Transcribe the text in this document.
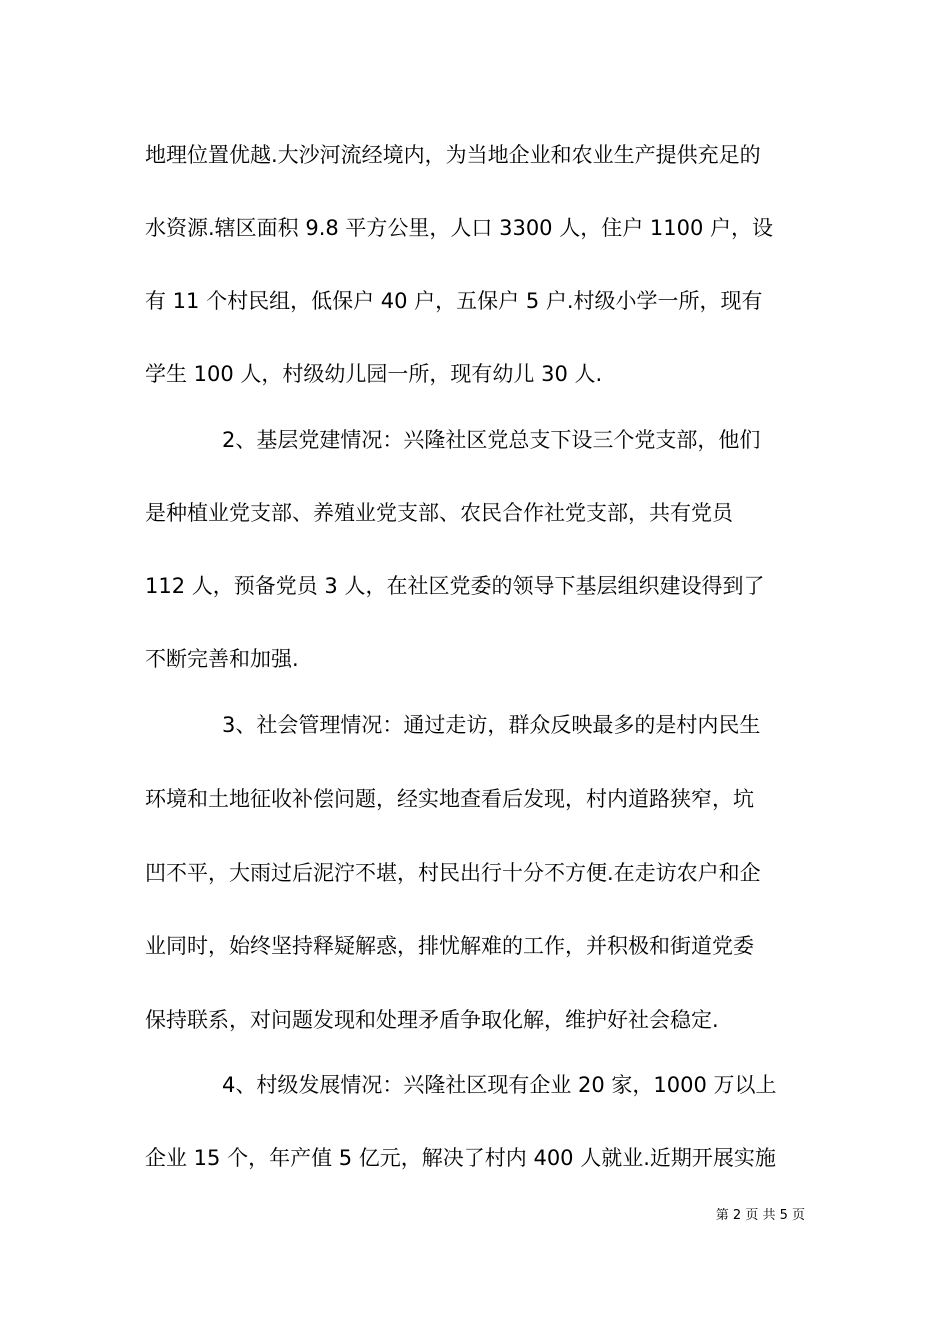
地理位置优越.大沙河流经境内，为当地企业和农业生产提供充足的
水资源.辖区面积 9.8 平方公里，人口 3300 人，住户 1100 户，设
有 11 个村民组，低保户 40 户，五保户 5 户.村级小学一所，现有
学生 100 人，村级幼儿园一所，现有幼儿 30 人.
2、基层党建情况：兴隆社区党总支下设三个党支部，他们
是种植业党支部、养殖业党支部、农民合作社党支部，共有党员
112 人，预备党员 3 人，在社区党委的领导下基层组织建设得到了
不断完善和加强.
3、社会管理情况：通过走访，群众反映最多的是村内民生
环境和土地征收补偿问题，经实地查看后发现，村内道路狭窄，坑
凹不平，大雨过后泥泞不堪，村民出行十分不方便.在走访农户和企
业同时，始终坚持释疑解惑，排忧解难的工作，并积极和街道党委
保持联系，对问题发现和处理矛盾争取化解，维护好社会稳定.
4、村级发展情况：兴隆社区现有企业 20 家，1000 万以上
企业 15 个，年产值 5 亿元，解决了村内 400 人就业.近期开展实施
第 2 页 共 5 页
